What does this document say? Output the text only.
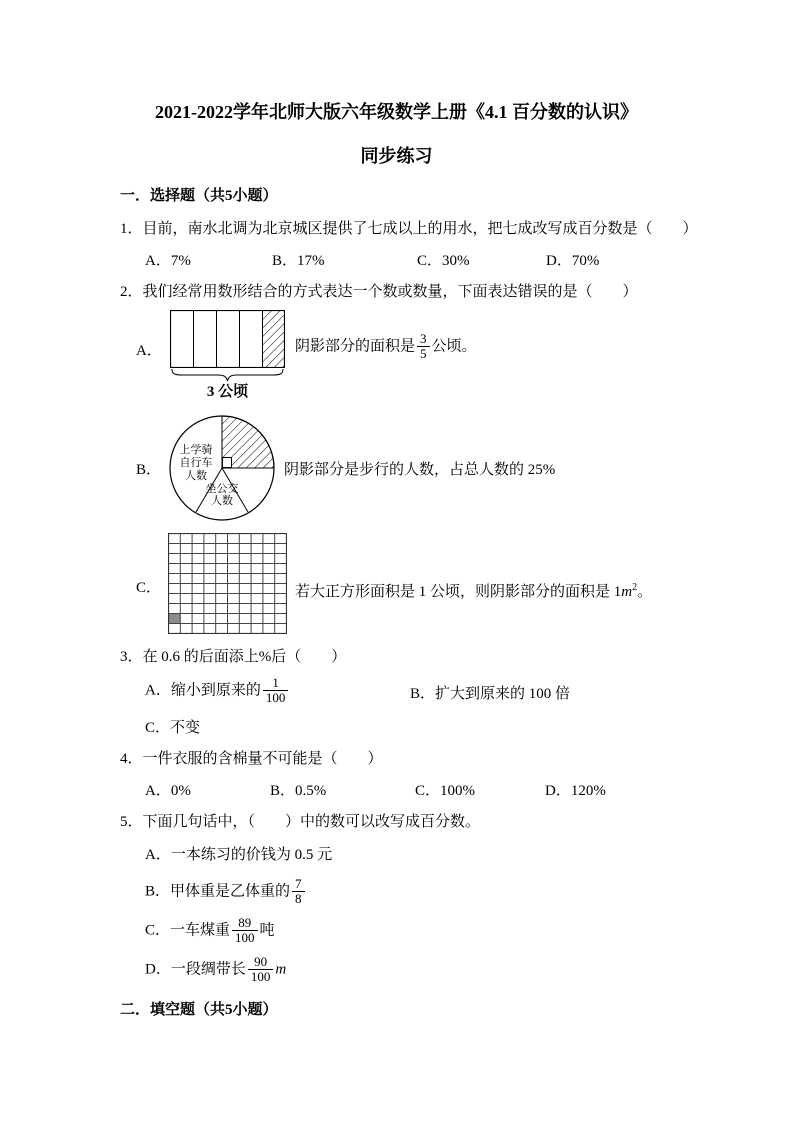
2021-2022学年北师大版六年级数学上册《4.1 百分数的认识》
同步练习
一．选择题（共5小题）
1．目前，南水北调为北京城区提供了七成以上的用水，把七成改写成百分数是（　　）
A．7%	B．17%	C．30%	D．70%
2．我们经常用数形结合的方式表达一个数或数量，下面表达错误的是（　　）
A．
3 公顷
阴影部分的面积是 $\frac{3}{5}$ 公顷。
B．
上学骑
自行车
人数
坐公交
人数
阴影部分是步行的人数，占总人数的 25%
C．	若大正方形面积是 1 公顷，则阴影部分的面积是 $1m^2$。
3．在 0.6 的后面添上%后（　　）
A．缩小到原来的 $\frac{1}{100}$	B．扩大到原来的 100 倍
C．不变
4．一件衣服的含棉量不可能是（　　）
A．0%	B．0.5%	C．100%	D．120%
5．下面几句话中，（　　）中的数可以改写成百分数。
A．一本练习的价钱为 0.5 元
B．甲体重是乙体重的 $\frac{7}{8}$
C．一车煤重 $\frac{89}{100}$ 吨
D．一段绸带长 $\frac{90}{100}$ m
二．填空题（共5小题）
